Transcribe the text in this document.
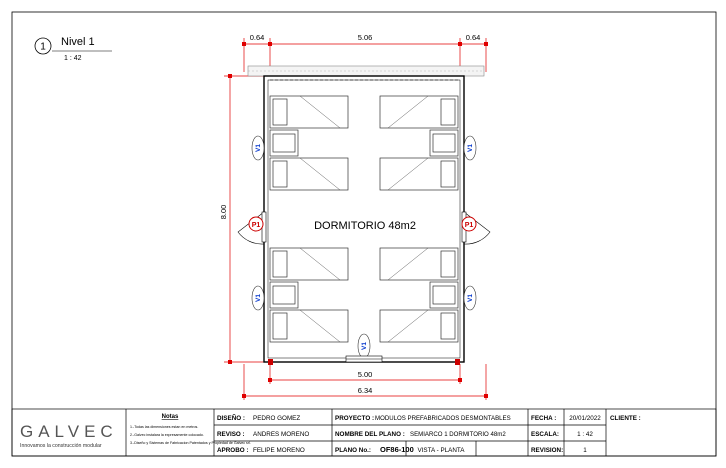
1 Nivel 1
1 : 42
0.64	5.06	0.64
8.00
DORMITORIO 48m2
P1	P1
V1
V1
V1
V1
V1
5.00
6.34
GALVEC
Innovamos la construcción modular
Notas
1.-Todas las dimensiones estan en metros.
2.-Galvec instalara la expresamente colocado.
3.-Diseño y Sistemas de Fabricacion Patentados y Propiedad de Galvec srl.
DISEÑO : PEDRO GOMEZ
REVISO : ANDRES MORENO
APROBO : FELIPE MORENO
PROYECTO : MODULOS PREFABRICADOS DESMONTABLES
NOMBRE DEL PLANO : SEMIARCO 1 DORMITORIO 48m2
PLANO No.: OF86-100 VISTA - PLANTA
FECHA : 20/01/2022
ESCALA:	1 : 42
REVISION:	1
CLIENTE :
